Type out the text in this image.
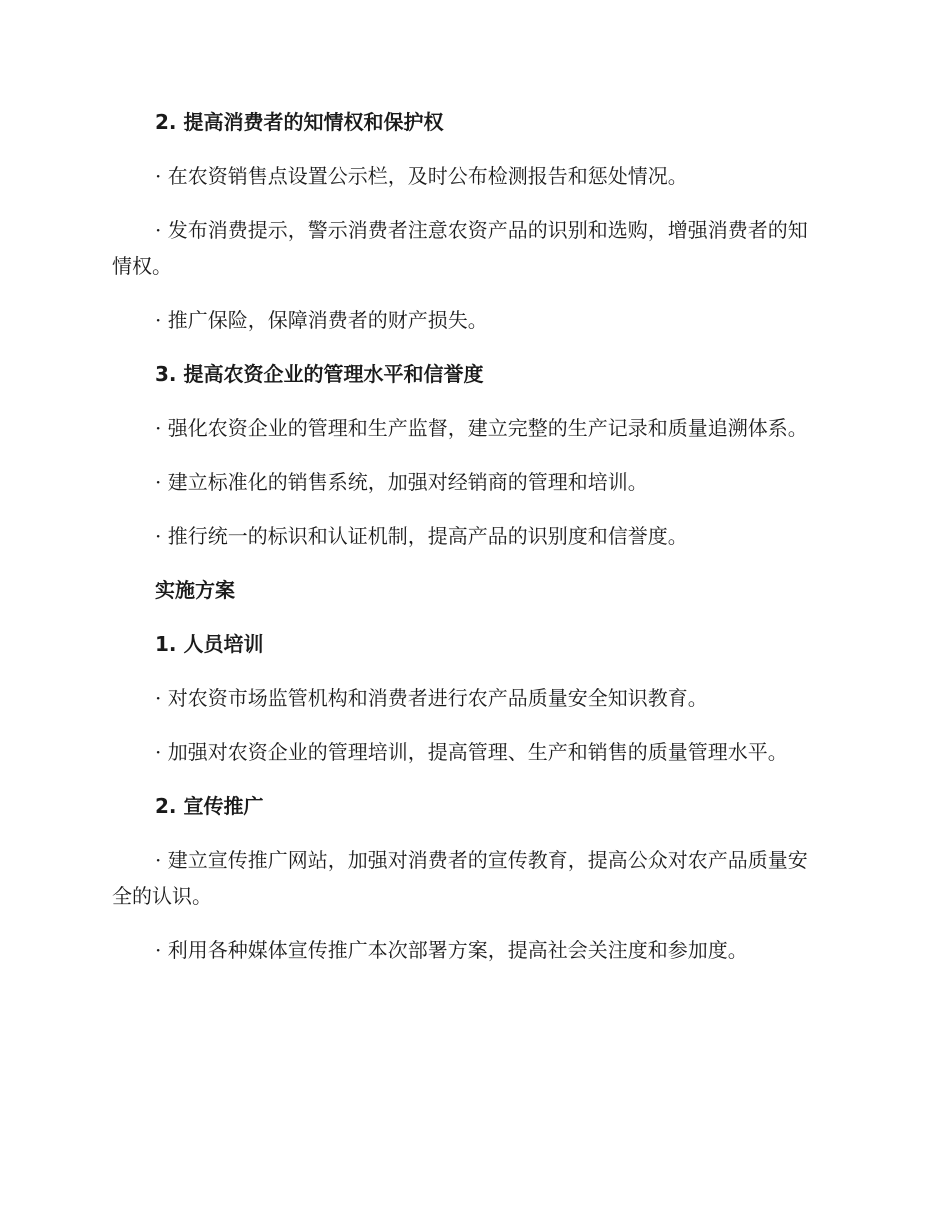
2. 提高消费者的知情权和保护权

· 在农资销售点设置公示栏，及时公布检测报告和惩处情况。

· 发布消费提示，警示消费者注意农资产品的识别和选购，增强消费者的知情权。

· 推广保险，保障消费者的财产损失。

3. 提高农资企业的管理水平和信誉度

· 强化农资企业的管理和生产监督，建立完整的生产记录和质量追溯体系。

· 建立标准化的销售系统，加强对经销商的管理和培训。

· 推行统一的标识和认证机制，提高产品的识别度和信誉度。

实施方案

1. 人员培训

· 对农资市场监管机构和消费者进行农产品质量安全知识教育。

· 加强对农资企业的管理培训，提高管理、生产和销售的质量管理水平。

2. 宣传推广

· 建立宣传推广网站，加强对消费者的宣传教育，提高公众对农产品质量安全的认识。

· 利用各种媒体宣传推广本次部署方案，提高社会关注度和参加度。
